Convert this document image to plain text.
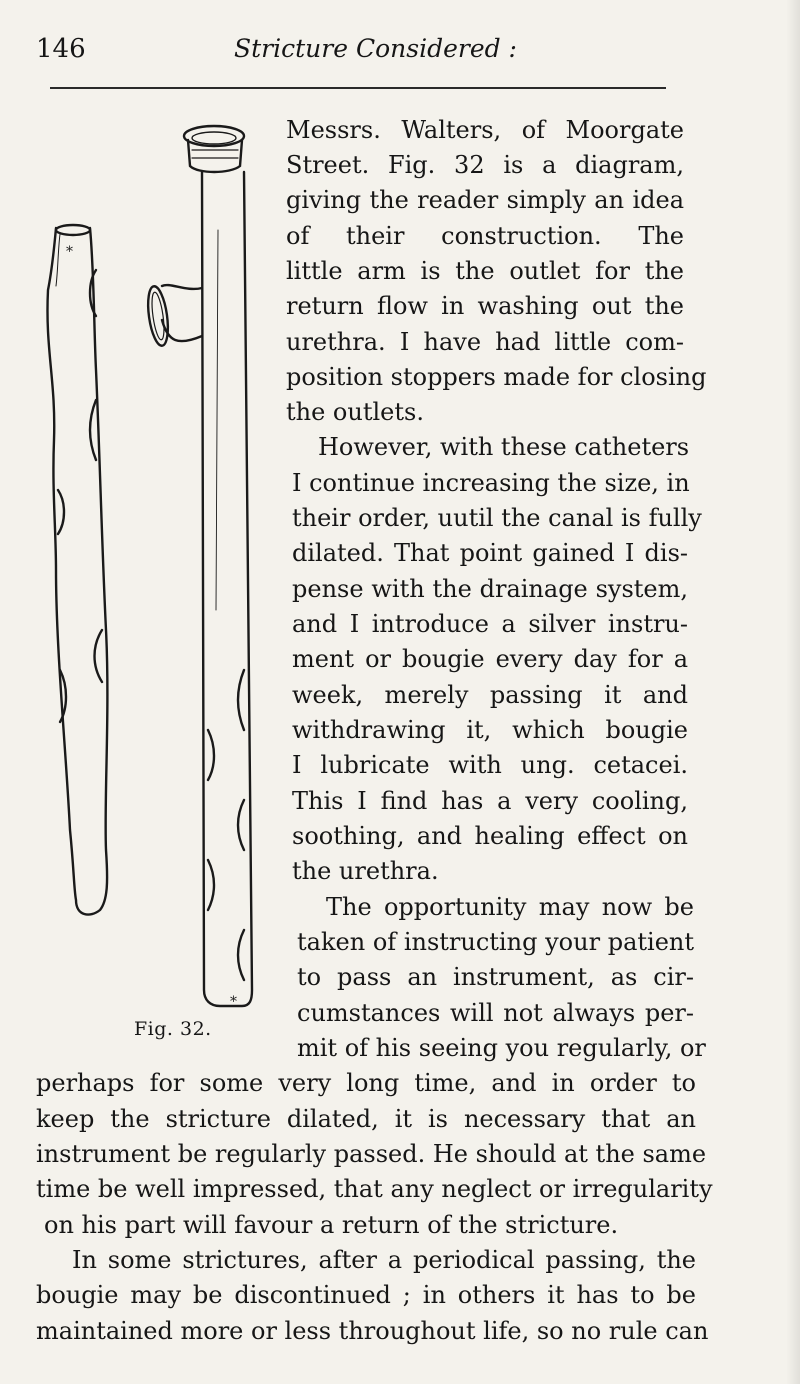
146	Stricture Considered :
*
*
Fig. 32.
Messrs. Walters, of Moorgate
Street. Fig. 32 is a diagram,
giving the reader simply an idea
of their construction. The
little arm is the outlet for the
return flow in washing out the
urethra. I have had little com-
position stoppers made for closing
the outlets.
However, with these catheters
I continue increasing the size, in
their order, uutil the canal is fully
dilated. That point gained I dis-
pense with the drainage system,
and I introduce a silver instru-
ment or bougie every day for a
week, merely passing it and
withdrawing it, which bougie
I lubricate with ung. cetacei.
This I find has a very cooling,
soothing, and healing effect on
the urethra.
The opportunity may now be
taken of instructing your patient
to pass an instrument, as cir-
cumstances will not always per-
mit of his seeing you regularly, or
perhaps for some very long time, and in order to
keep the stricture dilated, it is necessary that an
instrument be regularly passed. He should at the same
time be well impressed, that any neglect or irregularity
on his part will favour a return of the stricture.
In some strictures, after a periodical passing, the
bougie may be discontinued ; in others it has to be
maintained more or less throughout life, so no rule can
